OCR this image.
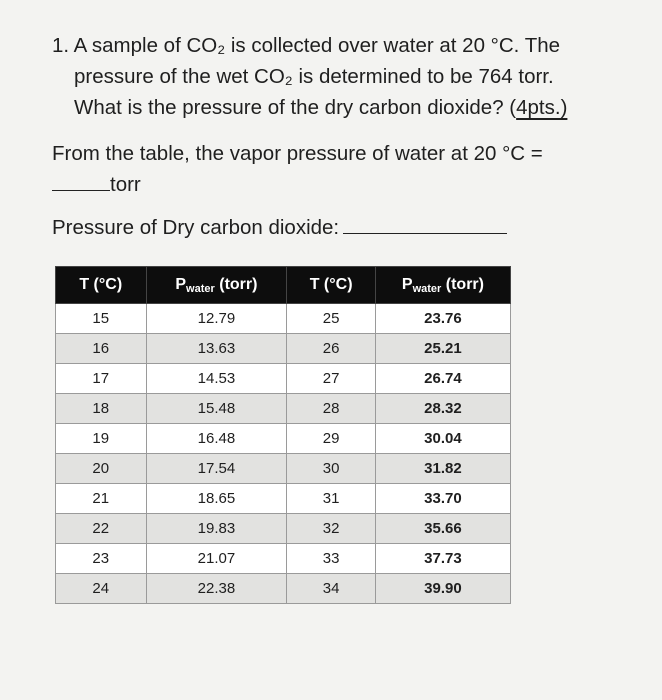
1. A sample of CO₂ is collected over water at 20 °C. The
pressure of the wet CO₂ is determined to be 764 torr.
What is the pressure of the dry carbon dioxide? (4pts.)
From the table, the vapor pressure of water at 20 °C =
torr
Pressure of Dry carbon dioxide:
T (°C)	$P_{water}$ (torr)	T (°C)	$P_{water}$ (torr)
15	12.79	25	23.76
16	13.63	26	25.21
17	14.53	27	26.74
18	15.48	28	28.32
19	16.48	29	30.04
20	17.54	30	31.82
21	18.65	31	33.70
22	19.83	32	35.66
23	21.07	33	37.73
24	22.38	34	39.90
